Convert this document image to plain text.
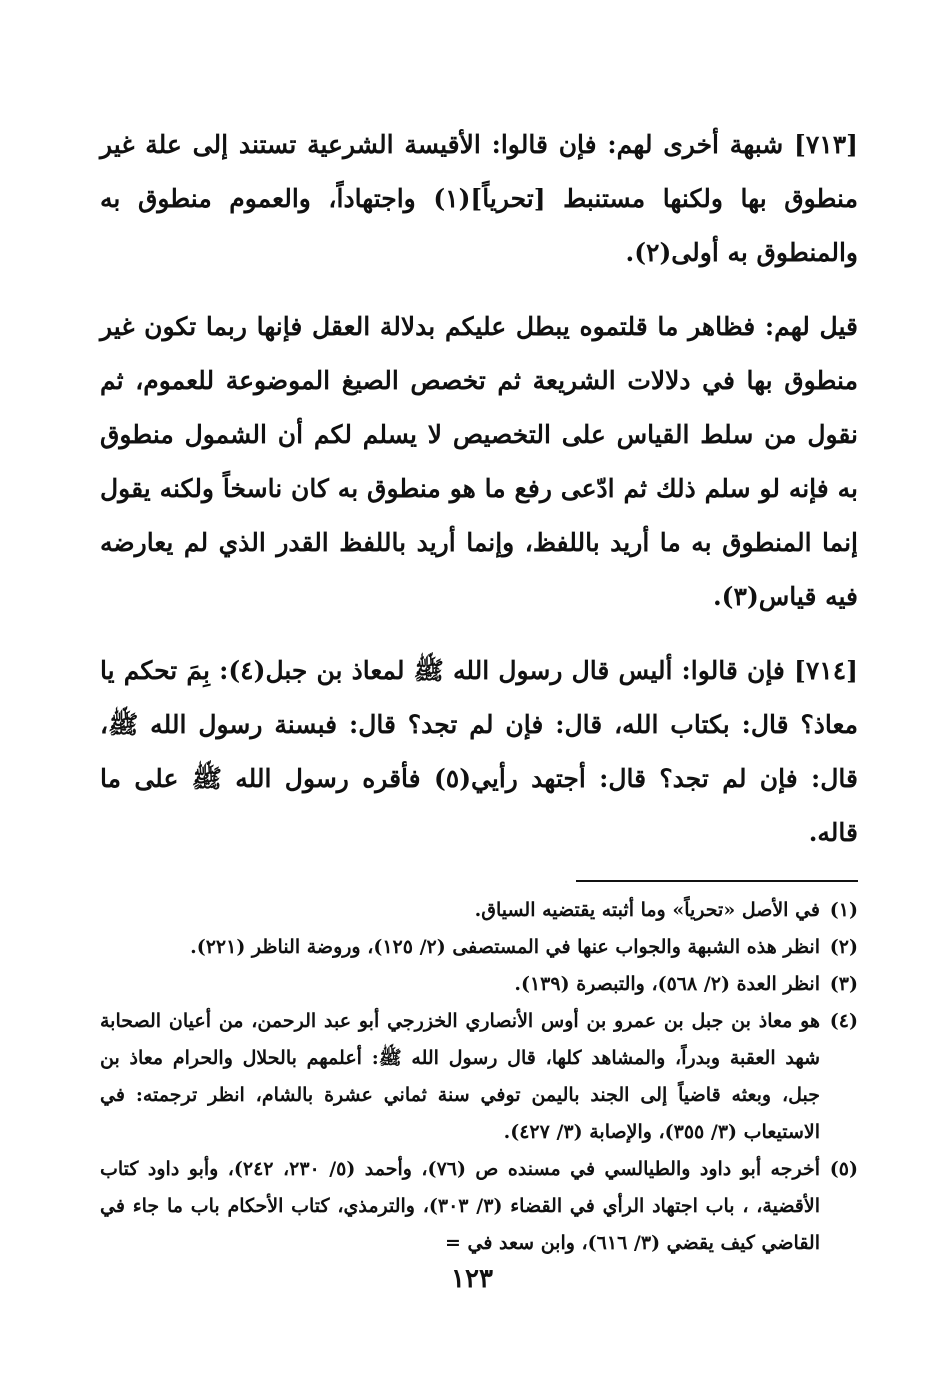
[٧١٣] شبهة أخرى لهم: فإن قالوا: الأقيسة الشرعية تستند إلى علة غير منطوق بها ولكنها مستنبط [تحرياً](١) واجتهاداً، والعموم منطوق به والمنطوق به أولى(٢).

قيل لهم: فظاهر ما قلتموه يبطل عليكم بدلالة العقل فإنها ربما تكون غير منطوق بها في دلالات الشريعة ثم تخصص الصيغ الموضوعة للعموم، ثم نقول من سلط القياس على التخصيص لا يسلم لكم أن الشمول منطوق به فإنه لو سلم ذلك ثم ادّعى رفع ما هو منطوق به كان ناسخاً ولكنه يقول إنما المنطوق به ما أريد باللفظ، وإنما أريد باللفظ القدر الذي لم يعارضه فيه قياس(٣).

[٧١٤] فإن قالوا: أليس قال رسول الله ﷺ لمعاذ بن جبل(٤): بِمَ تحكم يا معاذ؟ قال: بكتاب الله، قال: فإن لم تجد؟ قال: فبسنة رسول الله ﷺ، قال: فإن لم تجد؟ قال: أجتهد رأيي(٥) فأقره رسول الله ﷺ على ما قاله.

(١)
في الأصل «تحرياً» وما أثبته يقتضيه السياق.
(٢)
انظر هذه الشبهة والجواب عنها في المستصفى (٢/ ١٢٥)، وروضة الناظر (٢٢١).
(٣)
انظر العدة (٢/ ٥٦٨)، والتبصرة (١٣٩).
(٤)
هو معاذ بن جبل بن عمرو بن أوس الأنصاري الخزرجي أبو عبد الرحمن، من أعيان الصحابة شهد العقبة وبدراً، والمشاهد كلها، قال رسول الله ﷺ: أعلمهم بالحلال والحرام معاذ بن جبل، وبعثه قاضياً إلى الجند باليمن توفي سنة ثماني عشرة بالشام، انظر ترجمته: في الاستيعاب (٣/ ٣٥٥)، والإصابة (٣/ ٤٢٧).
(٥)
أخرجه أبو داود والطيالسي في مسنده ص (٧٦)، وأحمد (٥/ ٢٣٠، ٢٤٢)، وأبو داود كتاب الأقضية، ، باب اجتهاد الرأي في القضاء (٣/ ٣٠٣)، والترمذي، كتاب الأحكام باب ما جاء في القاضي كيف يقضي (٣/ ٦١٦)، وابن سعد في =
١٢٣
